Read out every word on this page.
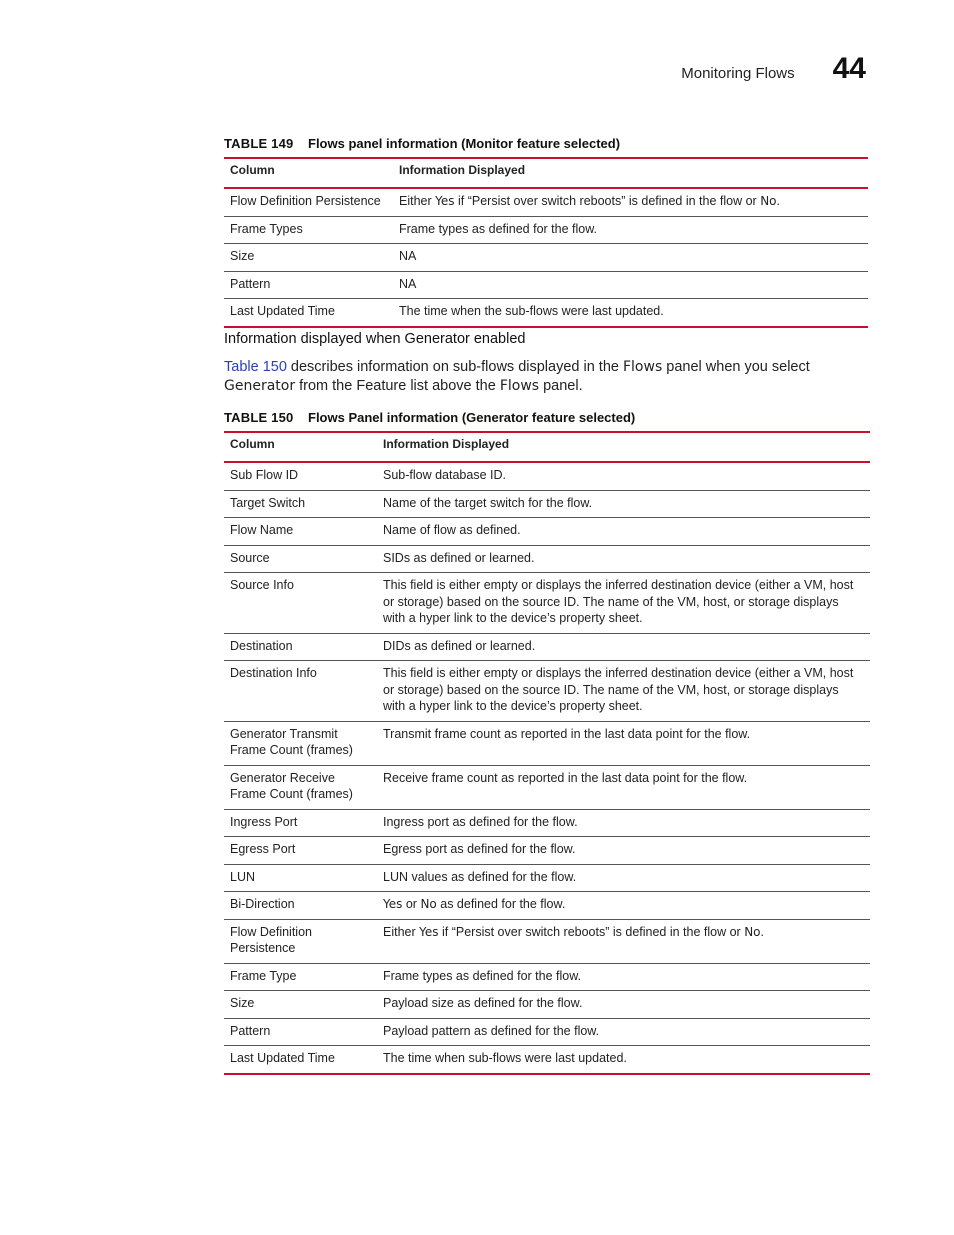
Monitoring Flows 44
TABLE 149 Flows panel information (Monitor feature selected)
Column	Information Displayed
Flow Definition Persistence	Either Yes if “Persist over switch reboots” is defined in the flow or No.
Frame Types	Frame types as defined for the flow.
Size	NA
Pattern	NA
Last Updated Time	The time when the sub-flows were last updated.
Information displayed when Generator enabled
Table 150 describes information on sub-flows displayed in the Flows panel when you select Generator from the Feature list above the Flows panel.
TABLE 150 Flows Panel information (Generator feature selected)
Column	Information Displayed
Sub Flow ID	Sub-flow database ID.
Target Switch	Name of the target switch for the flow.
Flow Name	Name of flow as defined.
Source	SIDs as defined or learned.
Source Info	This field is either empty or displays the inferred destination device (either a VM, host or storage) based on the source ID. The name of the VM, host, or storage displays with a hyper link to the device’s property sheet.
Destination	DIDs as defined or learned.
Destination Info	This field is either empty or displays the inferred destination device (either a VM, host or storage) based on the source ID. The name of the VM, host, or storage displays with a hyper link to the device’s property sheet.
Generator Transmit Frame Count (frames)	Transmit frame count as reported in the last data point for the flow.
Generator Receive Frame Count (frames)	Receive frame count as reported in the last data point for the flow.
Ingress Port	Ingress port as defined for the flow.
Egress Port	Egress port as defined for the flow.
LUN	LUN values as defined for the flow.
Bi-Direction	Yes or No as defined for the flow.
Flow Definition Persistence	Either Yes if “Persist over switch reboots” is defined in the flow or No.
Frame Type	Frame types as defined for the flow.
Size	Payload size as defined for the flow.
Pattern	Payload pattern as defined for the flow.
Last Updated Time	The time when sub-flows were last updated.
